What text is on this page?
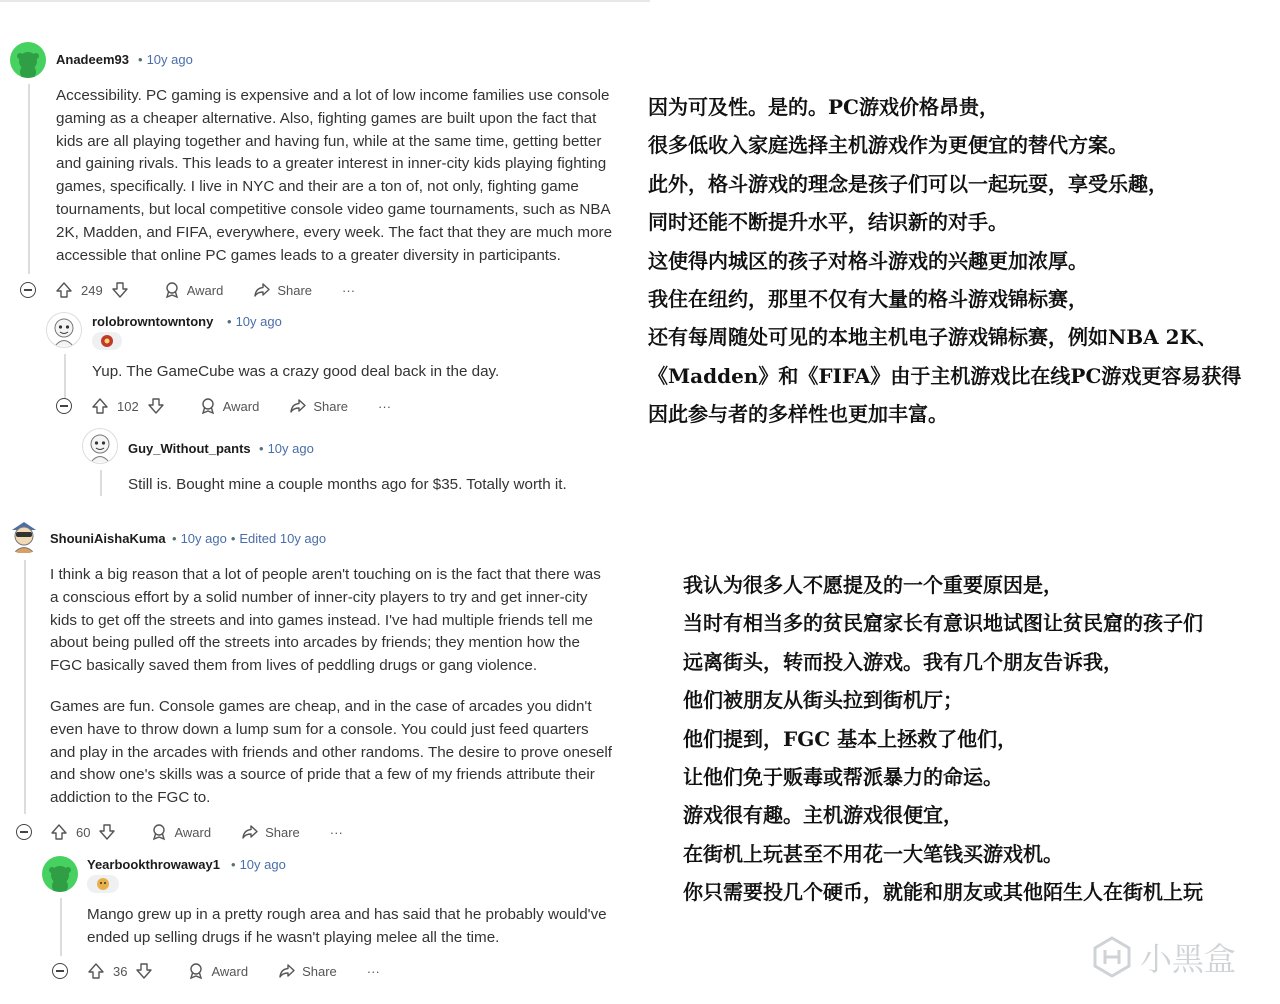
Anadeem93 • 10y ago
Accessibility. PC gaming is expensive and a lot of low income families use console
gaming as a cheaper alternative. Also, fighting games are built upon the fact that
kids are all playing together and having fun, while at the same time, getting better
and gaining rivals. This leads to a greater interest in inner-city kids playing fighting
games, specifically. I live in NYC and their are a ton of, not only, fighting game
tournaments, but local competitive console video game tournaments, such as NBA
2K, Madden, and FIFA, everywhere, every week. The fact that they are much more
accessible that online PC games leads to a greater diversity in participants.
249	Award	Share ···
rolobrowntowntony	• 10y ago
Yup. The GameCube was a crazy good deal back in the day.
102	Award	Share ···
Guy_Without_pants • 10y ago
Still is. Bought mine a couple months ago for $35. Totally worth it.
ShouniAishaKuma • 10y ago • Edited 10y ago

I think a big reason that a lot of people aren't touching on is the fact that there was
a conscious effort by a solid number of inner-city players to try and get inner-city
kids to get off the streets and into games instead. I've had multiple friends tell me
about being pulled off the streets into arcades by friends; they mention how the
FGC basically saved them from lives of peddling drugs or gang violence.

Games are fun. Console games are cheap, and in the case of arcades you didn't
even have to throw down a lump sum for a console. You could just feed quarters
and play in the arcades with friends and other randoms. The desire to prove oneself
and show one's skills was a source of pride that a few of my friends attribute their
addiction to the FGC to.

60	Award	Share ···
Yearbookthrowaway1 • 10y ago
Mango grew up in a pretty rough area and has said that he probably would've
ended up selling drugs if he wasn't playing melee all the time.
36	Award	Share ···
因为可及性。是的。PC游戏价格昂贵，
很多低收入家庭选择主机游戏作为更便宜的替代方案。
此外，格斗游戏的理念是孩子们可以一起玩耍，享受乐趣，
同时还能不断提升水平，结识新的对手。
这使得内城区的孩子对格斗游戏的兴趣更加浓厚。
我住在纽约，那里不仅有大量的格斗游戏锦标赛，
还有每周随处可见的本地主机电子游戏锦标赛，例如NBA 2K、
《Madden》和《FIFA》由于主机游戏比在线PC游戏更容易获得
因此参与者的多样性也更加丰富。
我认为很多人不愿提及的一个重要原因是，
当时有相当多的贫民窟家长有意识地试图让贫民窟的孩子们
远离街头，转而投入游戏。我有几个朋友告诉我，
他们被朋友从街头拉到街机厅；
他们提到，FGC 基本上拯救了他们，
让他们免于贩毒或帮派暴力的命运。
游戏很有趣。主机游戏很便宜，
在街机上玩甚至不用花一大笔钱买游戏机。
你只需要投几个硬币，就能和朋友或其他陌生人在街机上玩
小黑盒
